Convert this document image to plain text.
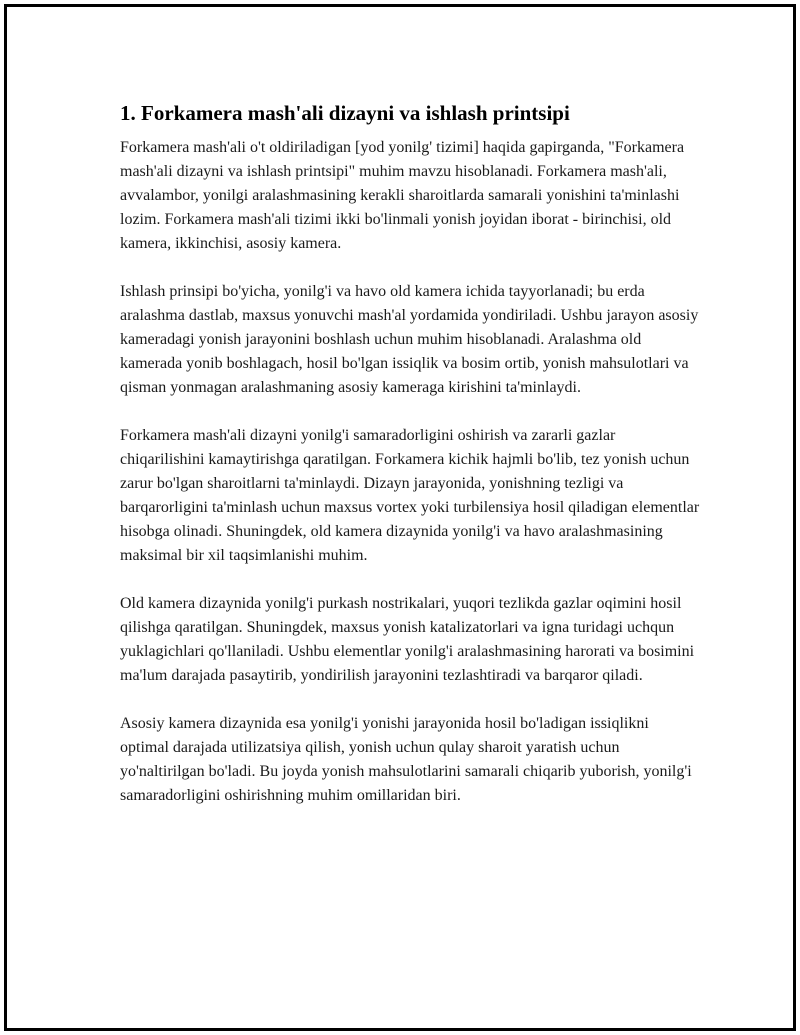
1. Forkamera mash'ali dizayni va ishlash printsipi

Forkamera mash'ali o't oldiriladigan [yod yonilg' tizimi] haqida gapirganda, "Forkamera mash'ali dizayni va ishlash printsipi" muhim mavzu hisoblanadi. Forkamera mash'ali, avvalambor, yonilgi aralashmasining kerakli sharoitlarda samarali yonishini ta'minlashi lozim. Forkamera mash'ali tizimi ikki bo'linmali yonish joyidan iborat - birinchisi, old kamera, ikkinchisi, asosiy kamera.

Ishlash prinsipi bo'yicha, yonilg'i va havo old kamera ichida tayyorlanadi; bu erda aralashma dastlab, maxsus yonuvchi mash'al yordamida yondiriladi. Ushbu jarayon asosiy kameradagi yonish jarayonini boshlash uchun muhim hisoblanadi. Aralashma old kamerada yonib boshlagach, hosil bo'lgan issiqlik va bosim ortib, yonish mahsulotlari va qisman yonmagan aralashmaning asosiy kameraga kirishini ta'minlaydi.

Forkamera mash'ali dizayni yonilg'i samaradorligini oshirish va zararli gazlar chiqarilishini kamaytirishga qaratilgan. Forkamera kichik hajmli bo'lib, tez yonish uchun zarur bo'lgan sharoitlarni ta'minlaydi. Dizayn jarayonida, yonishning tezligi va barqarorligini ta'minlash uchun maxsus vortex yoki turbilensiya hosil qiladigan elementlar hisobga olinadi. Shuningdek, old kamera dizaynida yonilg'i va havo aralashmasining maksimal bir xil taqsimlanishi muhim.

Old kamera dizaynida yonilg'i purkash nostrikalari, yuqori tezlikda gazlar oqimini hosil qilishga qaratilgan. Shuningdek, maxsus yonish katalizatorlari va igna turidagi uchqun yuklagichlari qo'llaniladi. Ushbu elementlar yonilg'i aralashmasining harorati va bosimini ma'lum darajada pasaytirib, yondirilish jarayonini tezlashtiradi va barqaror qiladi.

Asosiy kamera dizaynida esa yonilg'i yonishi jarayonida hosil bo'ladigan issiqlikni optimal darajada utilizatsiya qilish, yonish uchun qulay sharoit yaratish uchun yo'naltirilgan bo'ladi. Bu joyda yonish mahsulotlarini samarali chiqarib yuborish, yonilg'i samaradorligini oshirishning muhim omillaridan biri.
